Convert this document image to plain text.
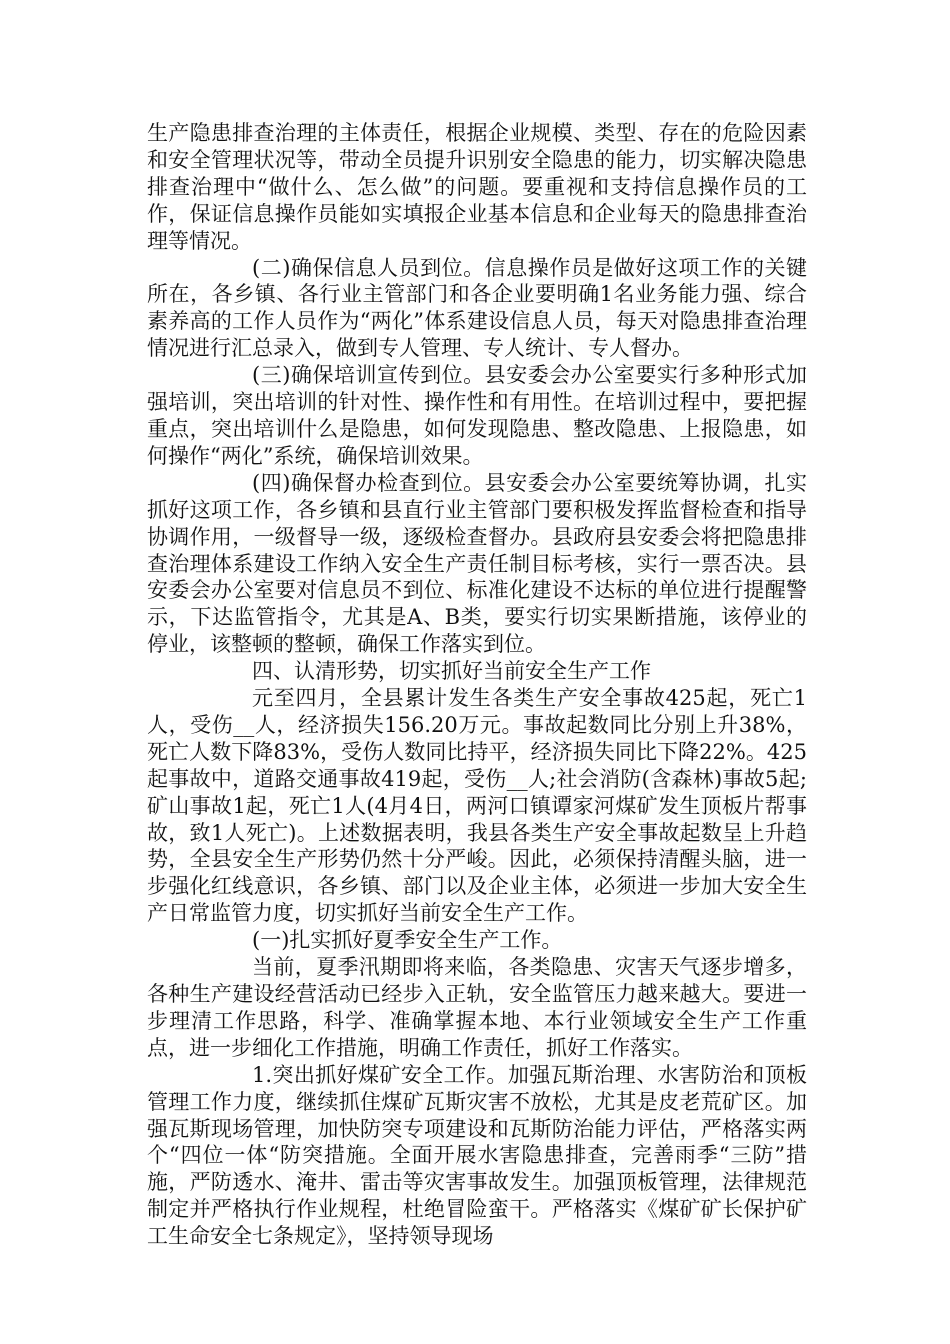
生产隐患排查治理的主体责任，根据企业规模、类型、存在的危险因素和安全管理状况等，带动全员提升识别安全隐患的能力，切实解决隐患排查治理中“做什么、怎么做”的问题。要重视和支持信息操作员的工作，保证信息操作员能如实填报企业基本信息和企业每天的隐患排查治理等情况。

(二)确保信息人员到位。信息操作员是做好这项工作的关键所在，各乡镇、各行业主管部门和各企业要明确1名业务能力强、综合素养高的工作人员作为“两化”体系建设信息人员，每天对隐患排查治理情况进行汇总录入，做到专人管理、专人统计、专人督办。

(三)确保培训宣传到位。县安委会办公室要实行多种形式加强培训，突出培训的针对性、操作性和有用性。在培训过程中，要把握重点，突出培训什么是隐患，如何发现隐患、整改隐患、上报隐患，如何操作“两化”系统，确保培训效果。

(四)确保督办检查到位。县安委会办公室要统筹协调，扎实抓好这项工作，各乡镇和县直行业主管部门要积极发挥监督检查和指导协调作用，一级督导一级，逐级检查督办。县政府县安委会将把隐患排查治理体系建设工作纳入安全生产责任制目标考核，实行一票否决。县安委会办公室要对信息员不到位、标准化建设不达标的单位进行提醒警示，下达监管指令，尤其是A、B类，要实行切实果断措施，该停业的停业，该整顿的整顿，确保工作落实到位。

四、认清形势，切实抓好当前安全生产工作

元至四月，全县累计发生各类生产安全事故425起，死亡1人，受伤__人，经济损失156.20万元。事故起数同比分别上升38%，死亡人数下降83%，受伤人数同比持平，经济损失同比下降22%。425起事故中，道路交通事故419起，受伤__人;社会消防(含森林)事故5起;矿山事故1起，死亡1人(4月4日，两河口镇谭家河煤矿发生顶板片帮事故，致1人死亡)。上述数据表明，我县各类生产安全事故起数呈上升趋势，全县安全生产形势仍然十分严峻。因此，必须保持清醒头脑，进一步强化红线意识，各乡镇、部门以及企业主体，必须进一步加大安全生产日常监管力度，切实抓好当前安全生产工作。

(一)扎实抓好夏季安全生产工作。

当前，夏季汛期即将来临，各类隐患、灾害天气逐步增多，各种生产建设经营活动已经步入正轨，安全监管压力越来越大。要进一步理清工作思路，科学、准确掌握本地、本行业领域安全生产工作重点，进一步细化工作措施，明确工作责任，抓好工作落实。

1.突出抓好煤矿安全工作。加强瓦斯治理、水害防治和顶板管理工作力度，继续抓住煤矿瓦斯灾害不放松，尤其是皮老荒矿区。加强瓦斯现场管理，加快防突专项建设和瓦斯防治能力评估，严格落实两个“四位一体“防突措施。全面开展水害隐患排查，完善雨季“三防”措施，严防透水、淹井、雷击等灾害事故发生。加强顶板管理，法律规范制定并严格执行作业规程，杜绝冒险蛮干。严格落实《煤矿矿长保护矿工生命安全七条规定》，坚持领导现场
